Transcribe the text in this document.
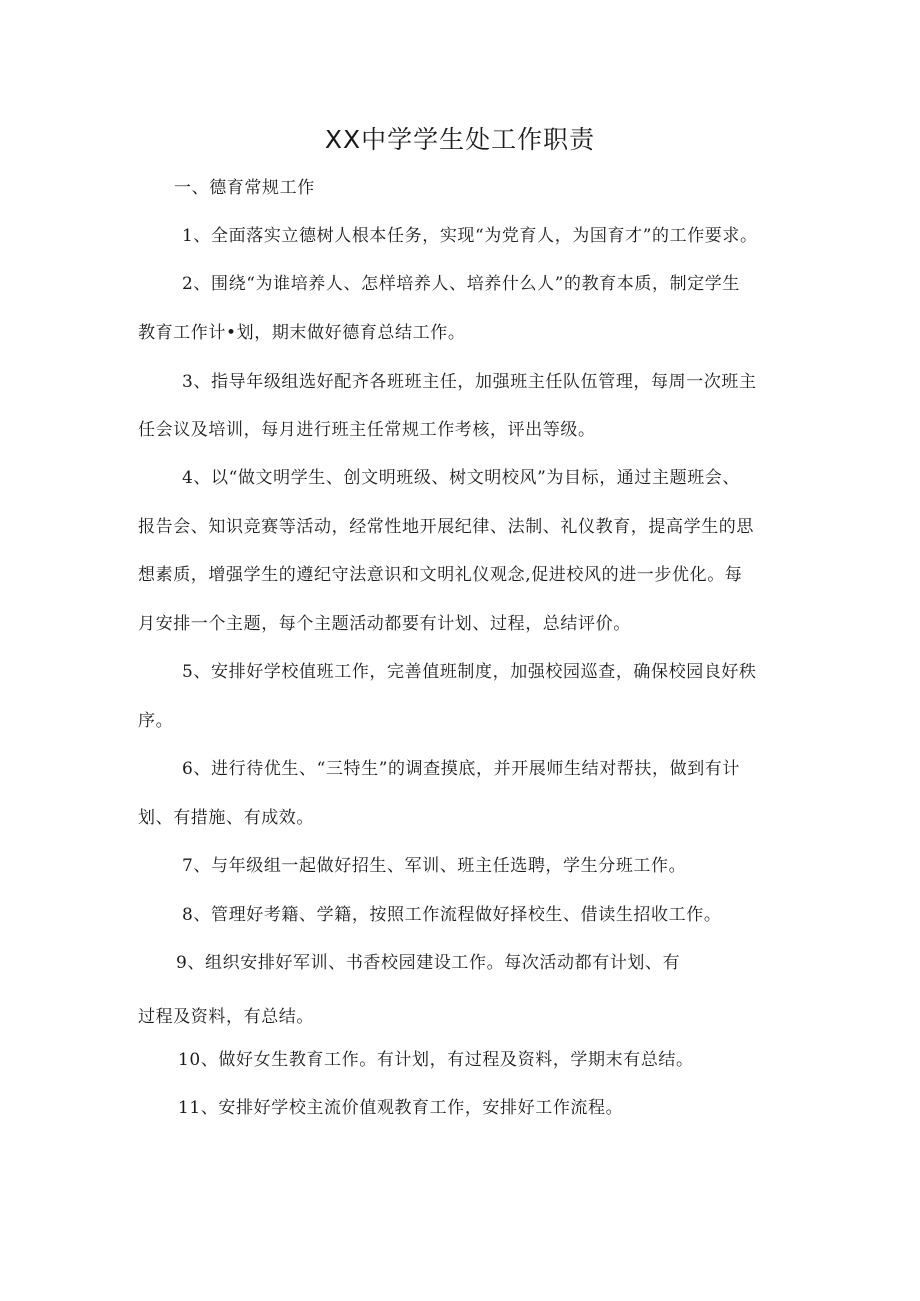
XX中学学生处工作职责
一、德育常规工作
1、全面落实立德树人根本任务，实现“为党育人，为国育才”的工作要求。
2、围绕“为谁培养人、怎样培养人、培养什么人”的教育本质，制定学生
教育工作计•划，期末做好德育总结工作。
3、指导年级组选好配齐各班班主任，加强班主任队伍管理，每周一次班主
任会议及培训，每月进行班主任常规工作考核，评出等级。
4、以“做文明学生、创文明班级、树文明校风”为目标，通过主题班会、
报告会、知识竞赛等活动，经常性地开展纪律、法制、礼仪教育，提高学生的思
想素质，增强学生的遵纪守法意识和文明礼仪观念,促进校风的进一步优化。每
月安排一个主题，每个主题活动都要有计划、过程，总结评价。
5、安排好学校值班工作，完善值班制度，加强校园巡查，确保校园良好秩
序。
6、进行待优生、“三特生”的调查摸底，并开展师生结对帮扶，做到有计
划、有措施、有成效。
7、与年级组一起做好招生、军训、班主任选聘，学生分班工作。
8、管理好考籍、学籍，按照工作流程做好择校生、借读生招收工作。
9、组织安排好军训、书香校园建设工作。每次活动都有计划、有
过程及资料，有总结。
10、做好女生教育工作。有计划，有过程及资料，学期末有总结。
11、安排好学校主流价值观教育工作，安排好工作流程。
